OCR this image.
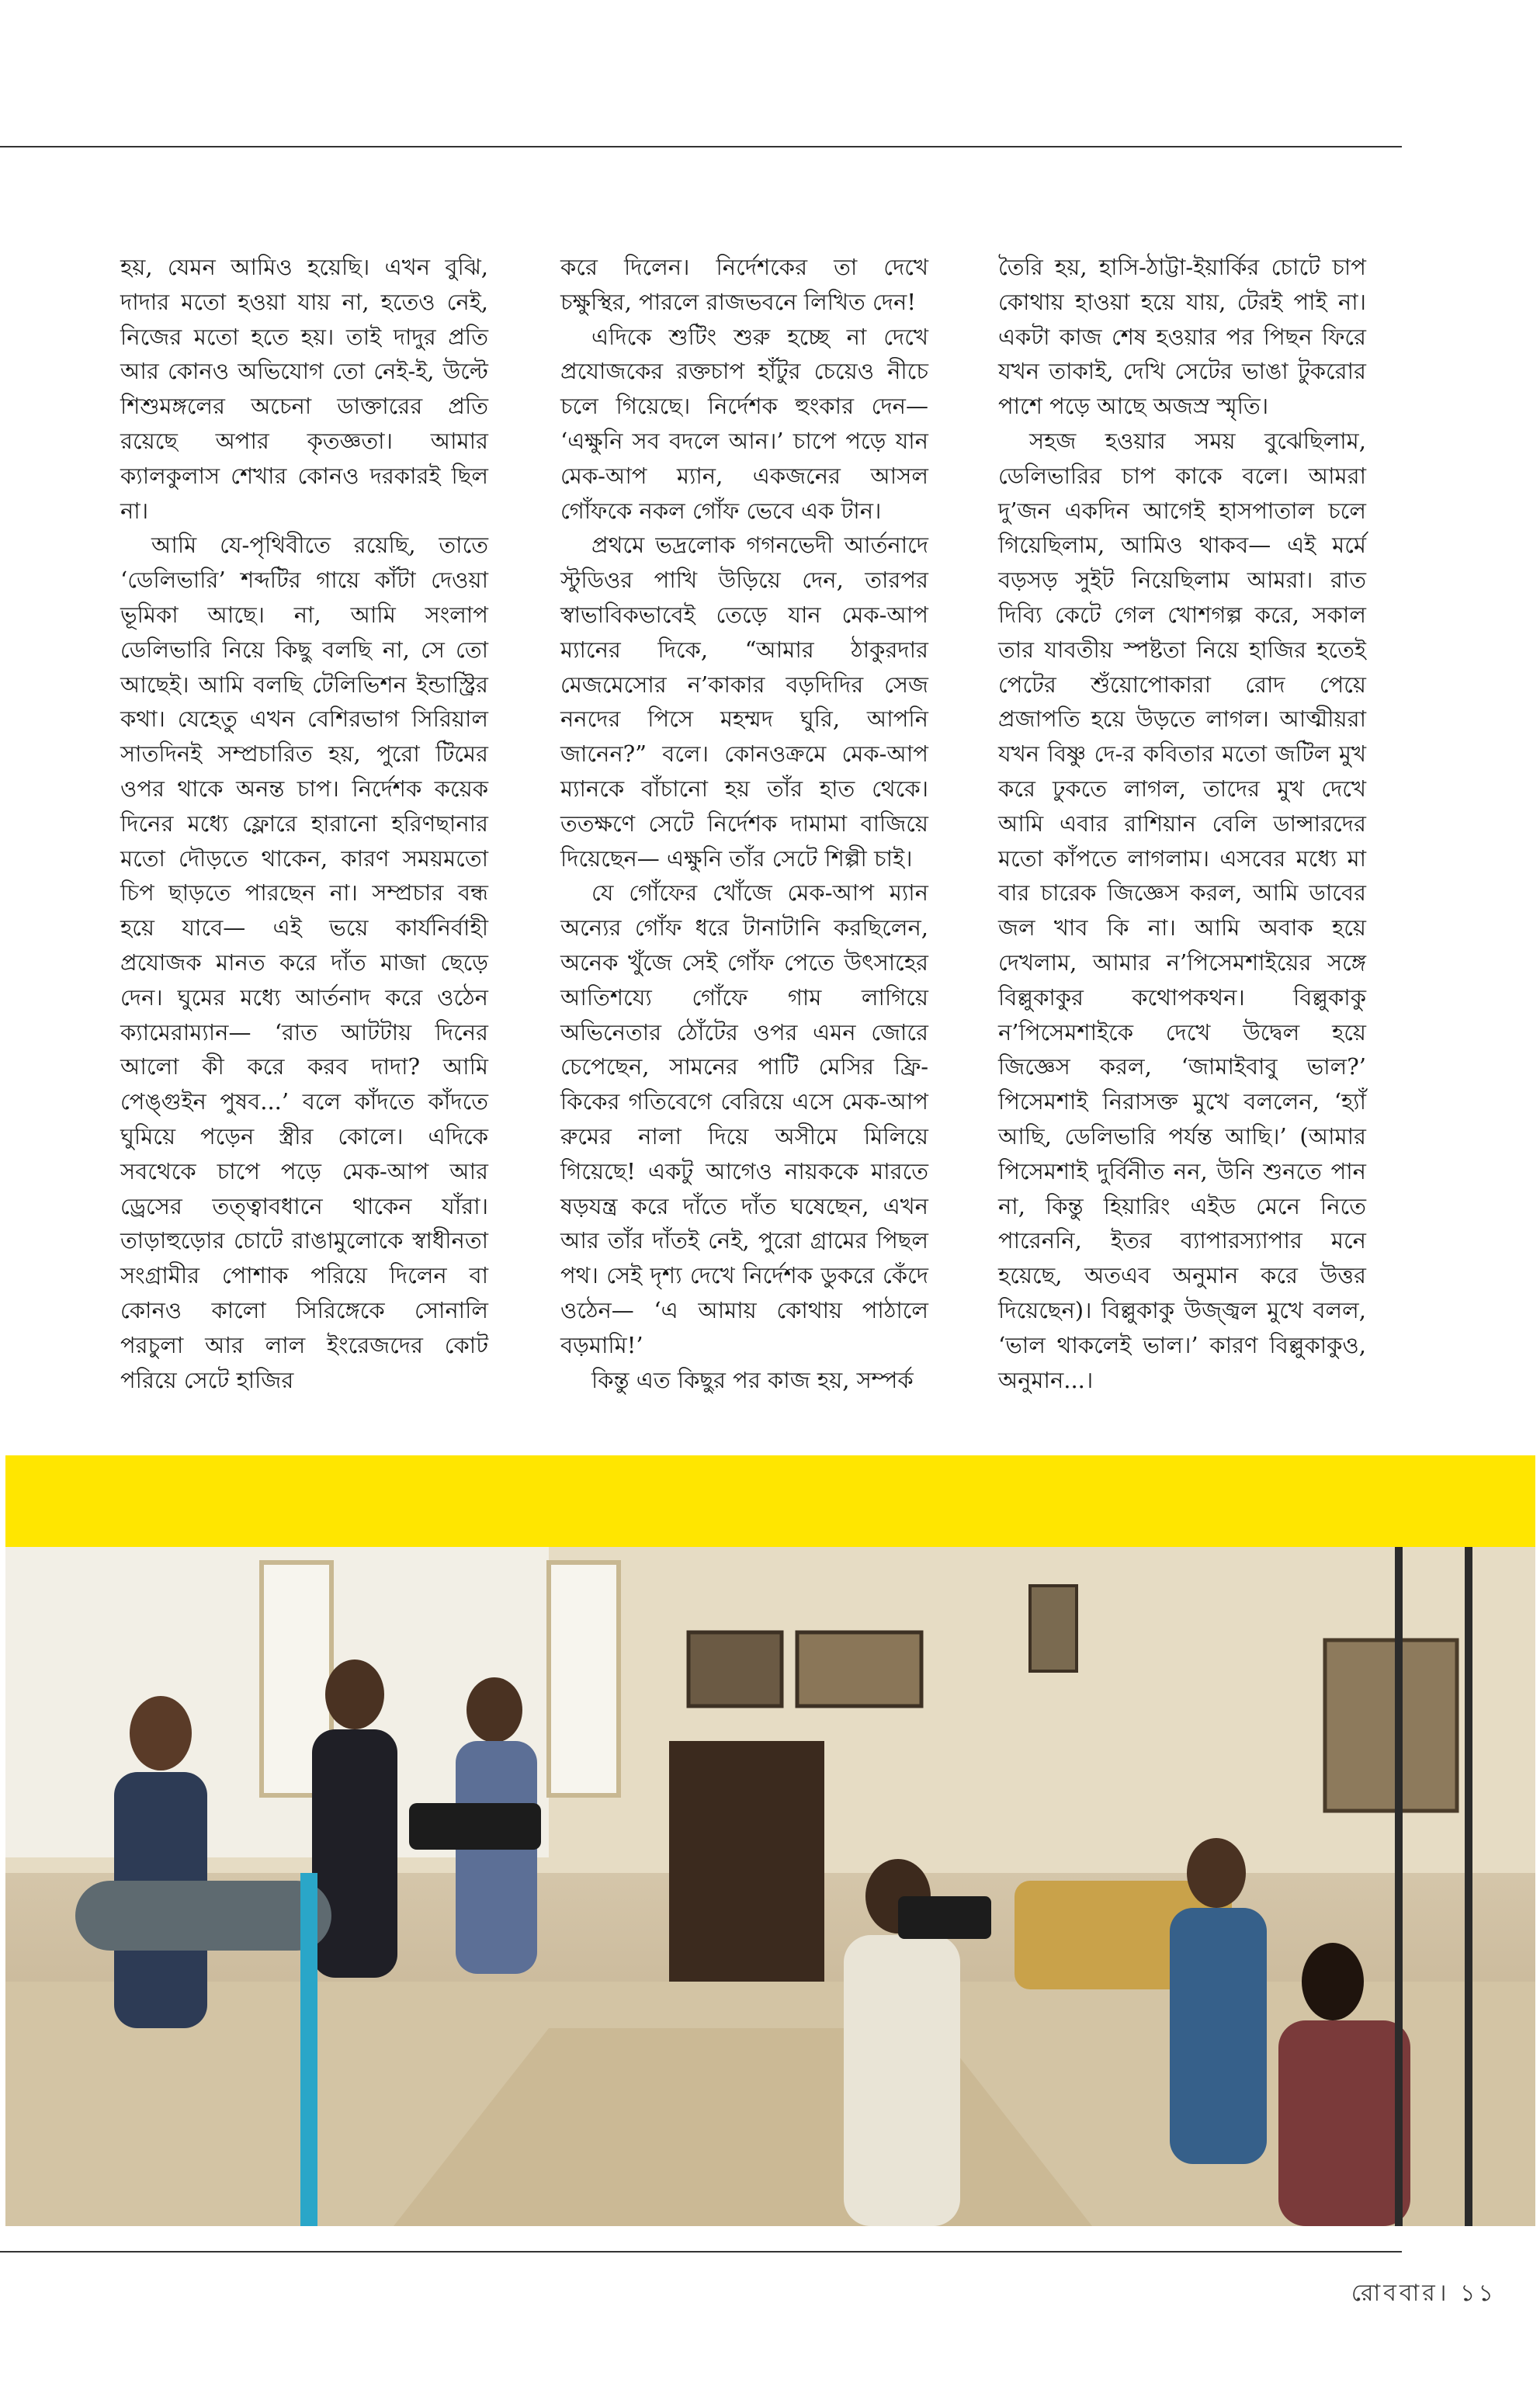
হয়, যেমন আমিও হয়েছি। এখন বুঝি, দাদার মতো হওয়া যায় না, হতেও নেই, নিজের মতো হতে হয়। তাই দাদুর প্রতি আর কোনও অভিযোগ তো নেই-ই, উল্টে শিশুমঙ্গলের অচেনা ডাক্তারের প্রতি রয়েছে অপার কৃতজ্ঞতা। আমার ক্যালকুলাস শেখার কোনও দরকারই ছিল না।

আমি যে-পৃথিবীতে রয়েছি, তাতে ‘ডেলিভারি’ শব্দটির গায়ে কাঁটা দেওয়া ভূমিকা আছে। না, আমি সংলাপ ডেলিভারি নিয়ে কিছু বলছি না, সে তো আছেই। আমি বলছি টেলিভিশন ইন্ডাস্ট্রির কথা। যেহেতু এখন বেশিরভাগ সিরিয়াল সাতদিনই সম্প্রচারিত হয়, পুরো টিমের ওপর থাকে অনন্ত চাপ। নির্দেশক কয়েক দিনের মধ্যে ফ্লোরে হারানো হরিণছানার মতো দৌড়তে থাকেন, কারণ সময়মতো চিপ ছাড়তে পারছেন না। সম্প্রচার বন্ধ হয়ে যাবে— এই ভয়ে কার্যনির্বাহী প্রযোজক মানত করে দাঁত মাজা ছেড়ে দেন। ঘুমের মধ্যে আর্তনাদ করে ওঠেন ক্যামেরাম্যান— ‘রাত আটটায় দিনের আলো কী করে করব দাদা? আমি পেঙ্গুইন পুষব...’ বলে কাঁদতে কাঁদতে ঘুমিয়ে পড়েন স্ত্রীর কোলে। এদিকে সবথেকে চাপে পড়ে মেক-আপ আর ড্রেসের তত্ত্বাবধানে থাকেন যাঁরা। তাড়াহুড়োর চোটে রাঙামুলোকে স্বাধীনতা সংগ্রামীর পোশাক পরিয়ে দিলেন বা কোনও কালো সিরিঙ্গেকে সোনালি পরচুলা আর লাল ইংরেজদের কোট পরিয়ে সেটে হাজির

করে দিলেন। নির্দেশকের তা দেখে চক্ষুস্থির, পারলে রাজভবনে লিখিত দেন!

এদিকে শুটিং শুরু হচ্ছে না দেখে প্রযোজকের রক্তচাপ হাঁটুর চেয়েও নীচে চলে গিয়েছে। নির্দেশক হুংকার দেন— ‘এক্ষুনি সব বদলে আন।’ চাপে পড়ে যান মেক-আপ ম্যান, একজনের আসল গোঁফকে নকল গোঁফ ভেবে এক টান।

প্রথমে ভদ্রলোক গগনভেদী আর্তনাদে স্টুডিওর পাখি উড়িয়ে দেন, তারপর স্বাভাবিকভাবেই তেড়ে যান মেক-আপ ম্যানের দিকে, “আমার ঠাকুরদার মেজমেসোর ন’কাকার বড়দিদির সেজ ননদের পিসে মহম্মদ ঘুরি, আপনি জানেন?” বলে। কোনওক্রমে মেক-আপ ম্যানকে বাঁচানো হয় তাঁর হাত থেকে। ততক্ষণে সেটে নির্দেশক দামামা বাজিয়ে দিয়েছেন— এক্ষুনি তাঁর সেটে শিল্পী চাই।

যে গোঁফের খোঁজে মেক-আপ ম্যান অন্যের গোঁফ ধরে টানাটানি করছিলেন, অনেক খুঁজে সেই গোঁফ পেতে উৎসাহের আতিশয্যে গোঁফে গাম লাগিয়ে অভিনেতার ঠোঁটের ওপর এমন জোরে চেপেছেন, সামনের পাটি মেসির ফ্রি-কিকের গতিবেগে বেরিয়ে এসে মেক-আপ রুমের নালা দিয়ে অসীমে মিলিয়ে গিয়েছে! একটু আগেও নায়ককে মারতে ষড়যন্ত্র করে দাঁতে দাঁত ঘষেছেন, এখন আর তাঁর দাঁতই নেই, পুরো গ্রামের পিছল পথ। সেই দৃশ্য দেখে নির্দেশক ডুকরে কেঁদে ওঠেন— ‘এ আমায় কোথায় পাঠালে বড়মামি!’

কিন্তু এত কিছুর পর কাজ হয়, সম্পর্ক

তৈরি হয়, হাসি-ঠাট্টা-ইয়ার্কির চোটে চাপ কোথায় হাওয়া হয়ে যায়, টেরই পাই না। একটা কাজ শেষ হওয়ার পর পিছন ফিরে যখন তাকাই, দেখি সেটের ভাঙা টুকরোর পাশে পড়ে আছে অজস্র স্মৃতি।

সহজ হওয়ার সময় বুঝেছিলাম, ডেলিভারির চাপ কাকে বলে। আমরা দু’জন একদিন আগেই হাসপাতাল চলে গিয়েছিলাম, আমিও থাকব— এই মর্মে বড়সড় সুইট নিয়েছিলাম আমরা। রাত দিব্যি কেটে গেল খোশগল্প করে, সকাল তার যাবতীয় স্পষ্টতা নিয়ে হাজির হতেই পেটের শুঁয়োপোকারা রোদ পেয়ে প্রজাপতি হয়ে উড়তে লাগল। আত্মীয়রা যখন বিষ্ণু দে-র কবিতার মতো জটিল মুখ করে ঢুকতে লাগল, তাদের মুখ দেখে আমি এবার রাশিয়ান বেলি ডান্সারদের মতো কাঁপতে লাগলাম। এসবের মধ্যে মা বার চারেক জিজ্ঞেস করল, আমি ডাবের জল খাব কি না। আমি অবাক হয়ে দেখলাম, আমার ন’পিসেমশাইয়ের সঙ্গে বিল্লুকাকুর কথোপকথন। বিল্লুকাকু ন’পিসেমশাইকে দেখে উদ্বেল হয়ে জিজ্ঞেস করল, ‘জামাইবাবু ভাল?’ পিসেমশাই নিরাসক্ত মুখে বললেন, ‘হ্যাঁ আছি, ডেলিভারি পর্যন্ত আছি।’ (আমার পিসেমশাই দুর্বিনীত নন, উনি শুনতে পান না, কিন্তু হিয়ারিং এইড মেনে নিতে পারেননি, ইতর ব্যাপারস্যাপার মনে হয়েছে, অতএব অনুমান করে উত্তর দিয়েছেন)। বিল্লুকাকু উজ্জ্বল মুখে বলল, ‘ভাল থাকলেই ভাল।’ কারণ বিল্লুকাকুও, অনুমান...।

রোববার। ১১
